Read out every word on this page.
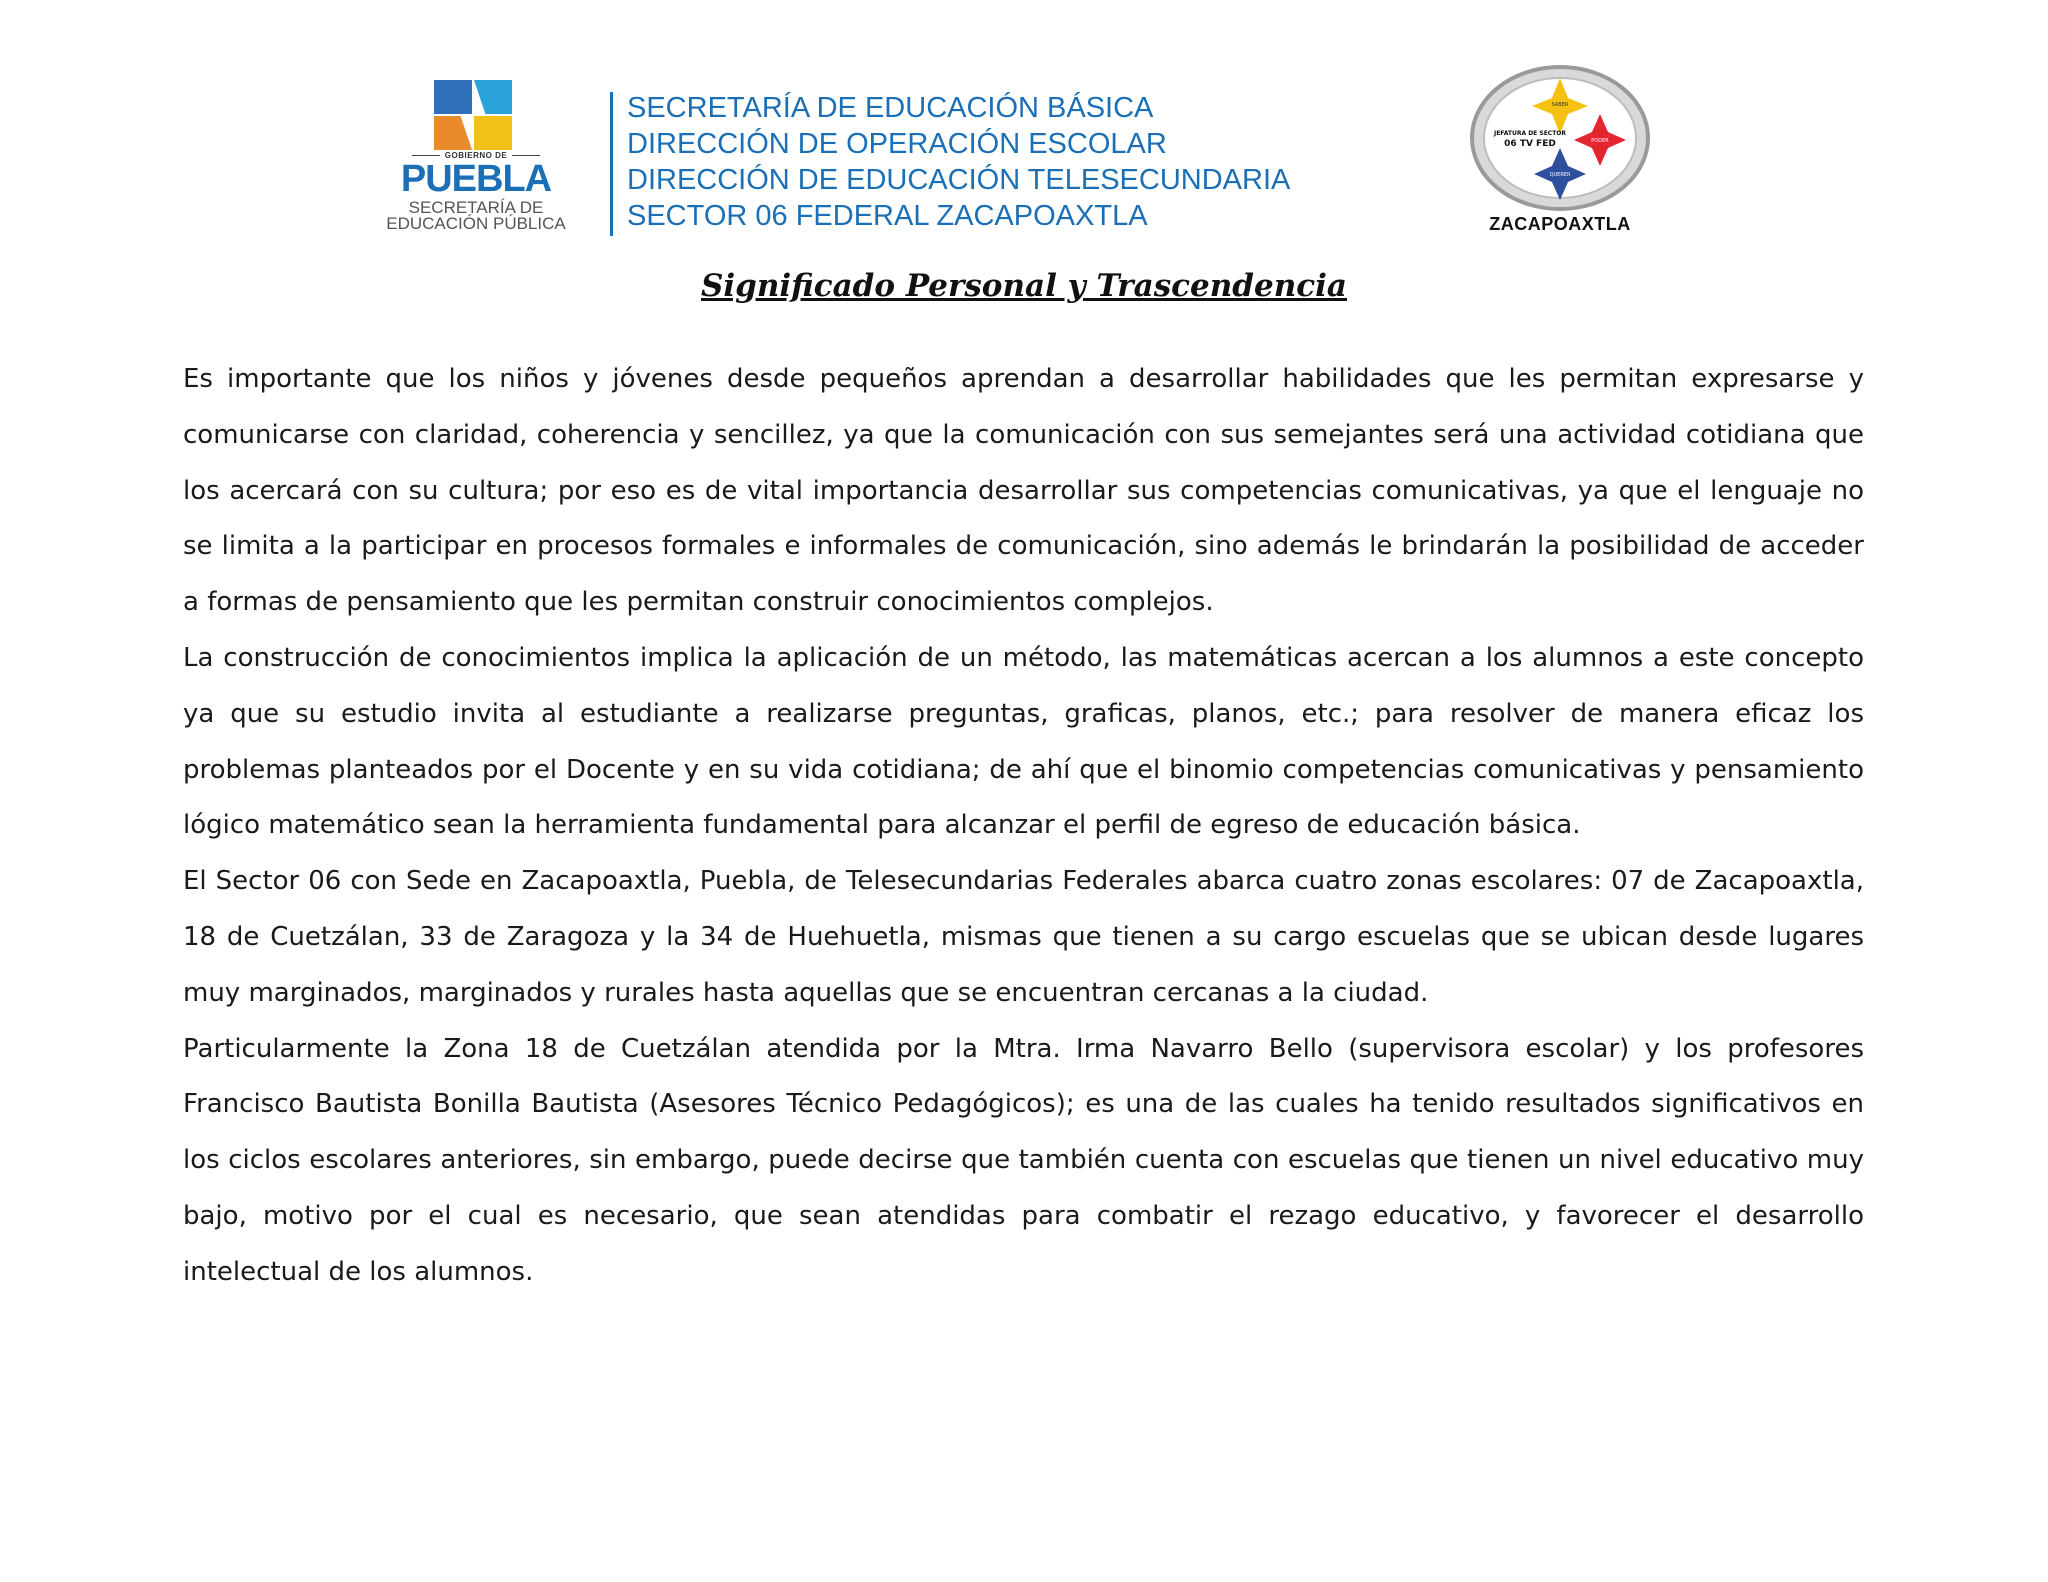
GOBIERNO DE
PUEBLA
SECRETARÍA DE
EDUCACIÓN PÚBLICA
SECRETARÍA DE EDUCACIÓN BÁSICA
DIRECCIÓN DE OPERACIÓN ESCOLAR
DIRECCIÓN DE EDUCACIÓN TELESECUNDARIA
SECTOR 06 FEDERAL ZACAPOAXTLA
SABER
PODER
QUERER
JEFATURA DE SECTOR
06 TV FED
ZACAPOAXTLA
Significado Personal y Trascendencia

Es importante que los niños y jóvenes desde pequeños aprendan a desarrollar habilidades que les permitan expresarse y comunicarse con claridad, coherencia y sencillez, ya que la comunicación con sus semejantes será una actividad cotidiana que los acercará con su cultura; por eso es de vital importancia desarrollar sus competencias comunicativas, ya que el lenguaje no se limita a la participar en procesos formales e informales de comunicación, sino además le brindarán la posibilidad de acceder a formas de pensamiento que les permitan construir conocimientos complejos.

La construcción de conocimientos implica la aplicación de un método, las matemáticas acercan a los alumnos a este concepto ya que su estudio invita al estudiante a realizarse preguntas, graficas, planos, etc.; para resolver de manera eficaz los problemas planteados por el Docente y en su vida cotidiana; de ahí que el binomio competencias comunicativas y pensamiento lógico matemático sean la herramienta fundamental para alcanzar el perfil de egreso de educación básica.

El Sector 06 con Sede en Zacapoaxtla, Puebla, de Telesecundarias Federales abarca cuatro zonas escolares: 07 de Zacapoaxtla, 18 de Cuetzálan, 33 de Zaragoza y la 34 de Huehuetla, mismas que tienen a su cargo escuelas que se ubican desde lugares muy marginados, marginados y rurales hasta aquellas que se encuentran cercanas a la ciudad.

Particularmente la Zona 18 de Cuetzálan atendida por la Mtra. Irma Navarro Bello (supervisora escolar) y los profesores Francisco Bautista Bonilla Bautista (Asesores Técnico Pedagógicos); es una de las cuales ha tenido resultados significativos en los ciclos escolares anteriores, sin embargo, puede decirse que también cuenta con escuelas que tienen un nivel educativo muy bajo, motivo por el cual es necesario, que sean atendidas para combatir el rezago educativo, y favorecer el desarrollo intelectual de los alumnos.
